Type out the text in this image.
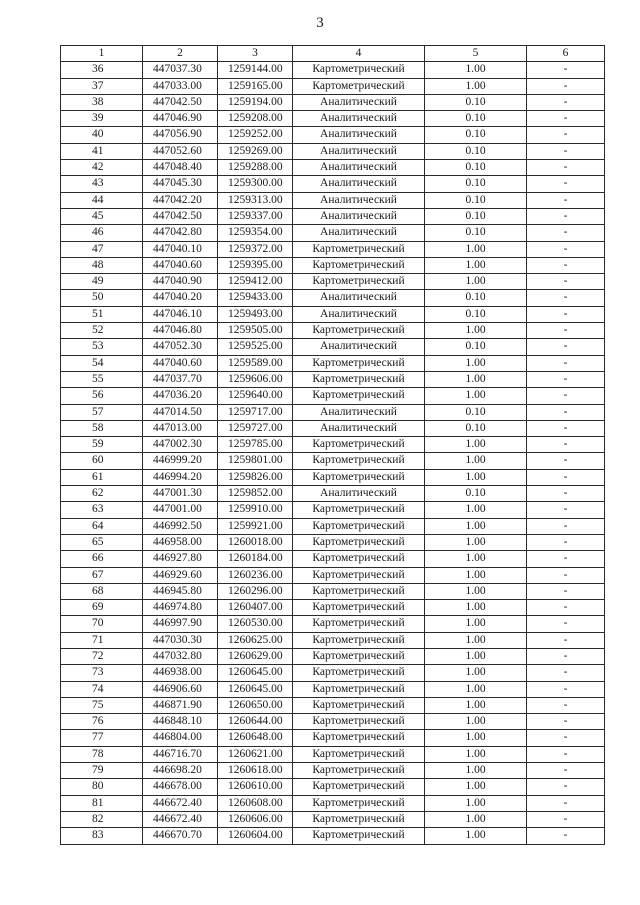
3
1	2	3	4	5	6
36	447037.30	1259144.00	Картометрический	1.00	-
37	447033.00	1259165.00	Картометрический	1.00	-
38	447042.50	1259194.00	Аналитический	0.10	-
39	447046.90	1259208.00	Аналитический	0.10	-
40	447056.90	1259252.00	Аналитический	0.10	-
41	447052.60	1259269.00	Аналитический	0.10	-
42	447048.40	1259288.00	Аналитический	0.10	-
43	447045.30	1259300.00	Аналитический	0.10	-
44	447042.20	1259313.00	Аналитический	0.10	-
45	447042.50	1259337.00	Аналитический	0.10	-
46	447042.80	1259354.00	Аналитический	0.10	-
47	447040.10	1259372.00	Картометрический	1.00	-
48	447040.60	1259395.00	Картометрический	1.00	-
49	447040.90	1259412.00	Картометрический	1.00	-
50	447040.20	1259433.00	Аналитический	0.10	-
51	447046.10	1259493.00	Аналитический	0.10	-
52	447046.80	1259505.00	Картометрический	1.00	-
53	447052.30	1259525.00	Аналитический	0.10	-
54	447040.60	1259589.00	Картометрический	1.00	-
55	447037.70	1259606.00	Картометрический	1.00	-
56	447036.20	1259640.00	Картометрический	1.00	-
57	447014.50	1259717.00	Аналитический	0.10	-
58	447013.00	1259727.00	Аналитический	0.10	-
59	447002.30	1259785.00	Картометрический	1.00	-
60	446999.20	1259801.00	Картометрический	1.00	-
61	446994.20	1259826.00	Картометрический	1.00	-
62	447001.30	1259852.00	Аналитический	0.10	-
63	447001.00	1259910.00	Картометрический	1.00	-
64	446992.50	1259921.00	Картометрический	1.00	-
65	446958.00	1260018.00	Картометрический	1.00	-
66	446927.80	1260184.00	Картометрический	1.00	-
67	446929.60	1260236.00	Картометрический	1.00	-
68	446945.80	1260296.00	Картометрический	1.00	-
69	446974.80	1260407.00	Картометрический	1.00	-
70	446997.90	1260530.00	Картометрический	1.00	-
71	447030.30	1260625.00	Картометрический	1.00	-
72	447032.80	1260629.00	Картометрический	1.00	-
73	446938.00	1260645.00	Картометрический	1.00	-
74	446906.60	1260645.00	Картометрический	1.00	-
75	446871.90	1260650.00	Картометрический	1.00	-
76	446848.10	1260644.00	Картометрический	1.00	-
77	446804.00	1260648.00	Картометрический	1.00	-
78	446716.70	1260621.00	Картометрический	1.00	-
79	446698.20	1260618.00	Картометрический	1.00	-
80	446678.00	1260610.00	Картометрический	1.00	-
81	446672.40	1260608.00	Картометрический	1.00	-
82	446672.40	1260606.00	Картометрический	1.00	-
83	446670.70	1260604.00	Картометрический	1.00	-
